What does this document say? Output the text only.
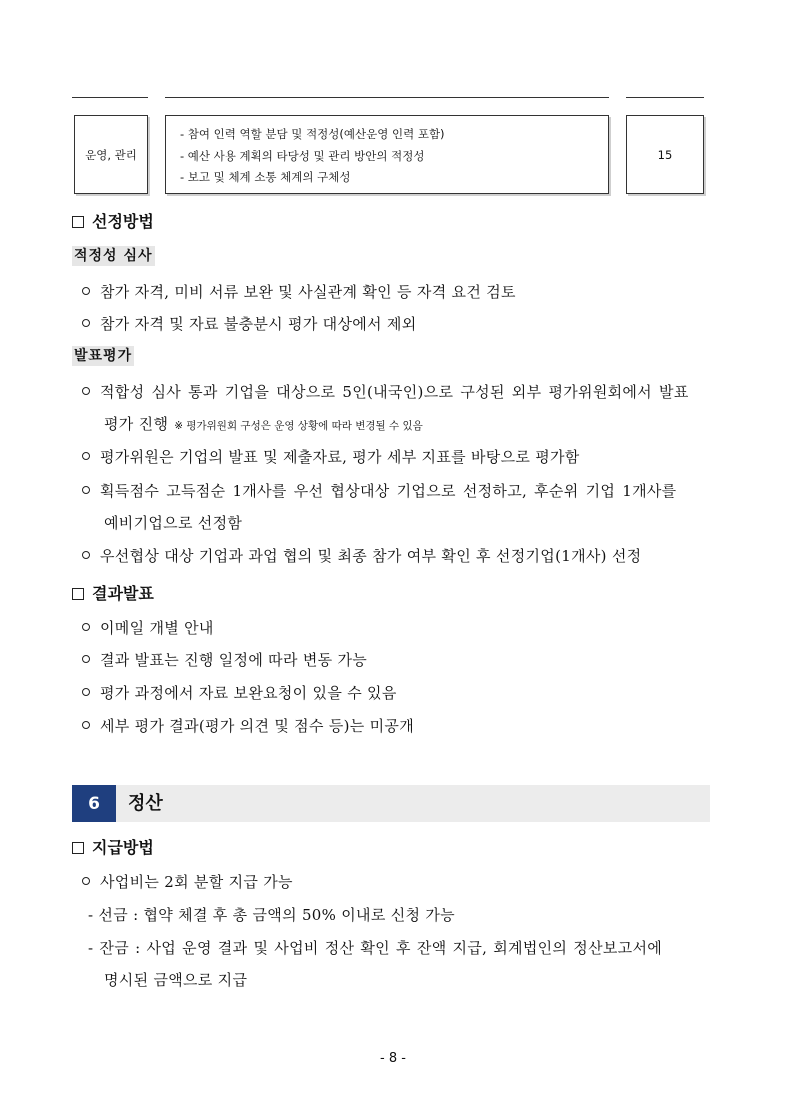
운영, 관리
- 참여 인력 역할 분담 및 적정성(예산운영 인력 포함)
- 예산 사용 계획의 타당성 및 관리 방안의 적정성
- 보고 및 체계 소통 체계의 구체성
15
선정방법
적정성 심사
참가 자격, 미비 서류 보완 및 사실관계 확인 등 자격 요건 검토
참가 자격 및 자료 불충분시 평가 대상에서 제외
발표평가
적합성 심사 통과 기업을 대상으로 5인(내국인)으로 구성된 외부 평가위원회에서 발표
평가 진행 ※ 평가위원회 구성은 운영 상황에 따라 변경될 수 있음
평가위원은 기업의 발표 및 제출자료, 평가 세부 지표를 바탕으로 평가함
획득점수 고득점순 1개사를 우선 협상대상 기업으로 선정하고, 후순위 기업 1개사를
예비기업으로 선정함
우선협상 대상 기업과 과업 협의 및 최종 참가 여부 확인 후 선정기업(1개사) 선정
결과발표
이메일 개별 안내
결과 발표는 진행 일정에 따라 변동 가능
평가 과정에서 자료 보완요청이 있을 수 있음
세부 평가 결과(평가 의견 및 점수 등)는 미공개
6	정산
지급방법
사업비는 2회 분할 지급 가능
- 선금 : 협약 체결 후 총 금액의 50% 이내로 신청 가능
- 잔금 : 사업 운영 결과 및 사업비 정산 확인 후 잔액 지급, 회계법인의 정산보고서에
명시된 금액으로 지급
- 8 -
